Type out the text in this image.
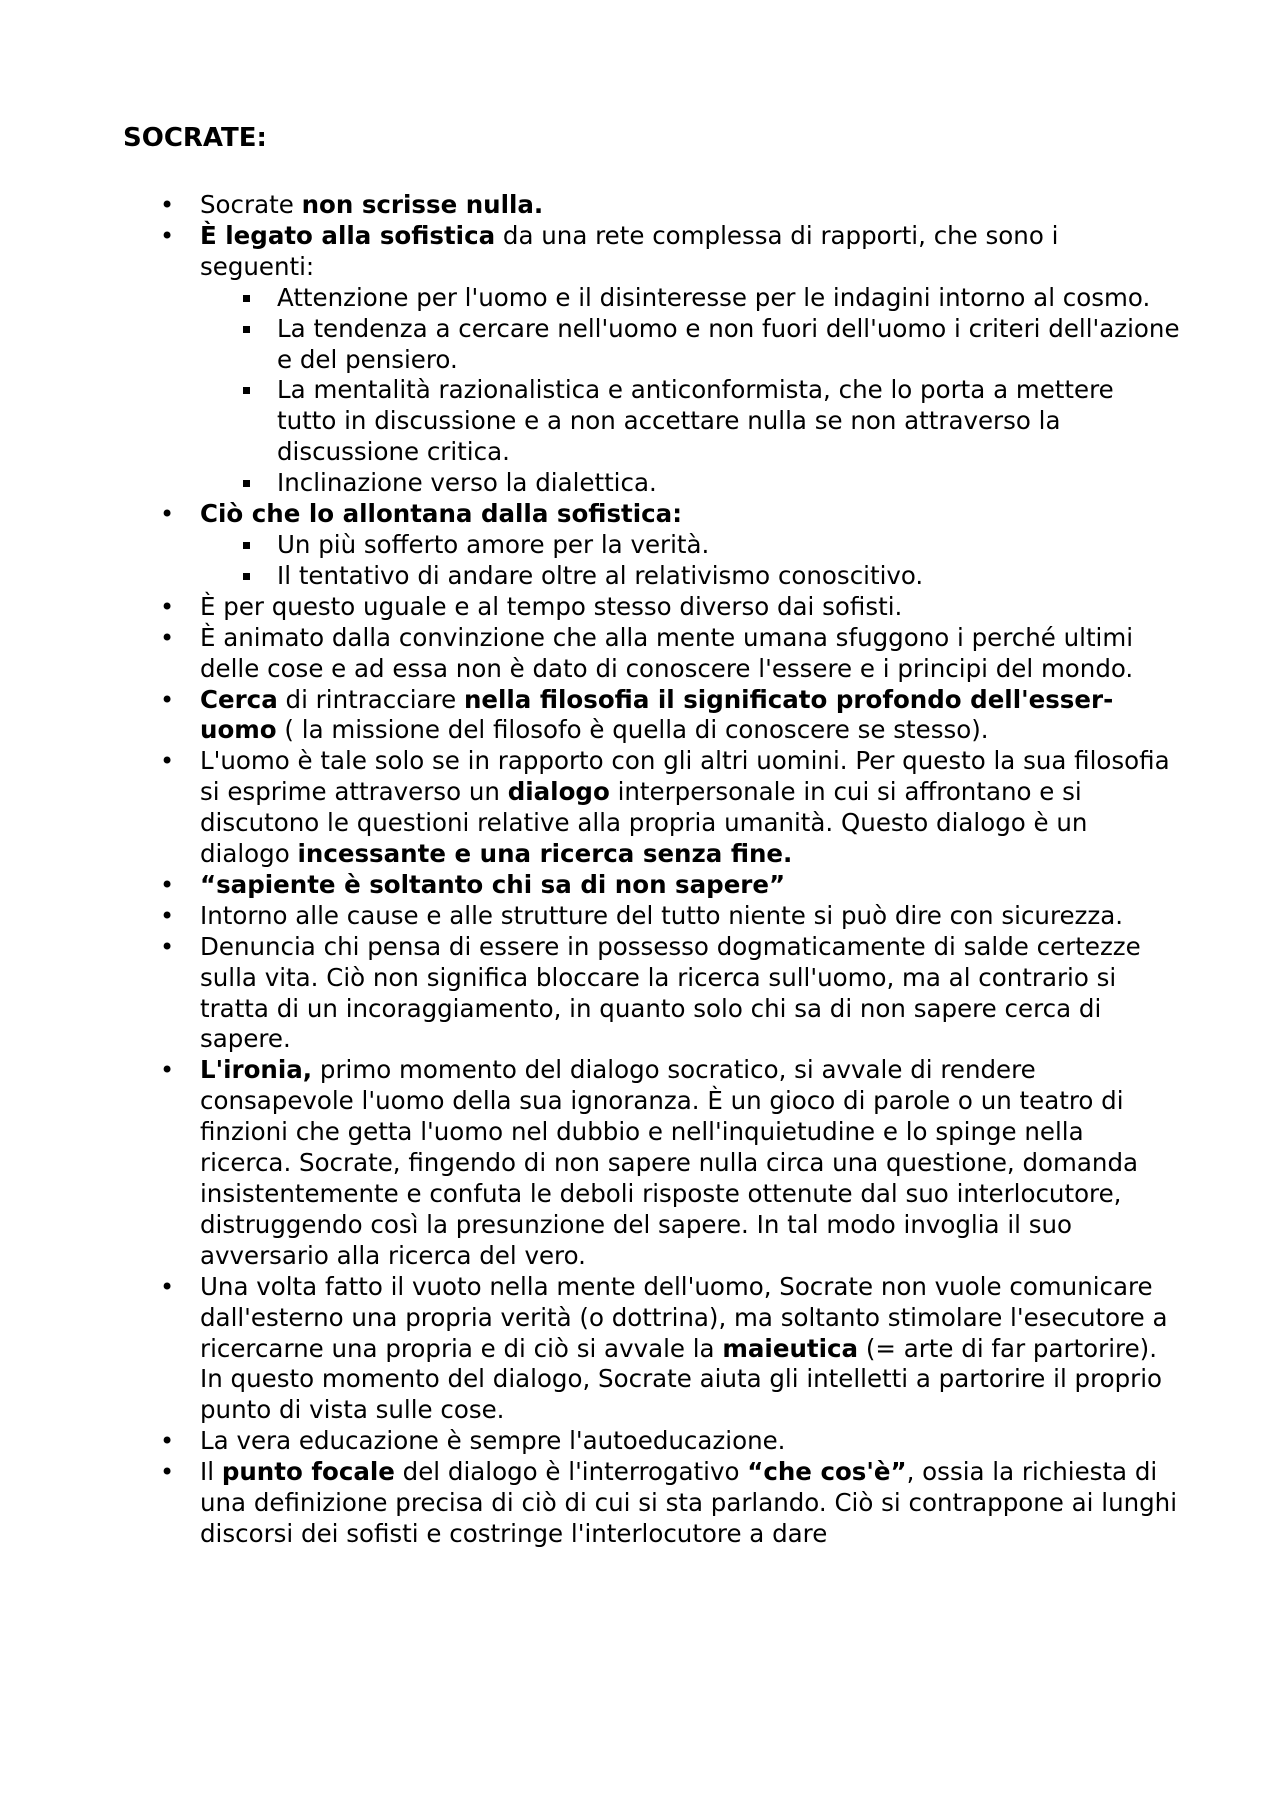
SOCRATE:
• Socrate non scrisse nulla.
• È legato alla sofistica da una rete complessa di rapporti, che sono i seguenti:
Attenzione per l'uomo e il disinteresse per le indagini intorno al cosmo.
La tendenza a cercare nell'uomo e non fuori dell'uomo i criteri dell'azione e del pensiero.
La mentalità razionalistica e anticonformista, che lo porta a mettere tutto in discussione e a non accettare nulla se non attraverso la discussione critica.
Inclinazione verso la dialettica.
• Ciò che lo allontana dalla sofistica:
Un più sofferto amore per la verità.
Il tentativo di andare oltre al relativismo conoscitivo.
• È per questo uguale e al tempo stesso diverso dai sofisti.
• È animato dalla convinzione che alla mente umana sfuggono i perché ultimi delle cose e ad essa non è dato di conoscere l'essere e i principi del mondo.
• Cerca di rintracciare nella filosofia il significato profondo dell'esser- uomo ( la missione del filosofo è quella di conoscere se stesso).
• L'uomo è tale solo se in rapporto con gli altri uomini. Per questo la sua filosofia si esprime attraverso un dialogo interpersonale in cui si affrontano e si discutono le questioni relative alla propria umanità. Questo dialogo è un dialogo incessante e una ricerca senza fine.
• “sapiente è soltanto chi sa di non sapere”
• Intorno alle cause e alle strutture del tutto niente si può dire con sicurezza.
• Denuncia chi pensa di essere in possesso dogmaticamente di salde certezze sulla vita. Ciò non significa bloccare la ricerca sull'uomo, ma al contrario si tratta di un incoraggiamento, in quanto solo chi sa di non sapere cerca di sapere.
• L'ironia, primo momento del dialogo socratico, si avvale di rendere consapevole l'uomo della sua ignoranza. È un gioco di parole o un teatro di finzioni che getta l'uomo nel dubbio e nell'inquietudine e lo spinge nella ricerca. Socrate, fingendo di non sapere nulla circa una questione, domanda insistentemente e confuta le deboli risposte ottenute dal suo interlocutore, distruggendo così la presunzione del sapere. In tal modo invoglia il suo avversario alla ricerca del vero.
• Una volta fatto il vuoto nella mente dell'uomo, Socrate non vuole comunicare dall'esterno una propria verità (o dottrina), ma soltanto stimolare l'esecutore a ricercarne una propria e di ciò si avvale la maieutica (= arte di far partorire). In questo momento del dialogo, Socrate aiuta gli intelletti a partorire il proprio punto di vista sulle cose.
• La vera educazione è sempre l'autoeducazione.
• Il punto focale del dialogo è l'interrogativo “che cos'è”, ossia la richiesta di una definizione precisa di ciò di cui si sta parlando. Ciò si contrappone ai lunghi discorsi dei sofisti e costringe l'interlocutore a dare
